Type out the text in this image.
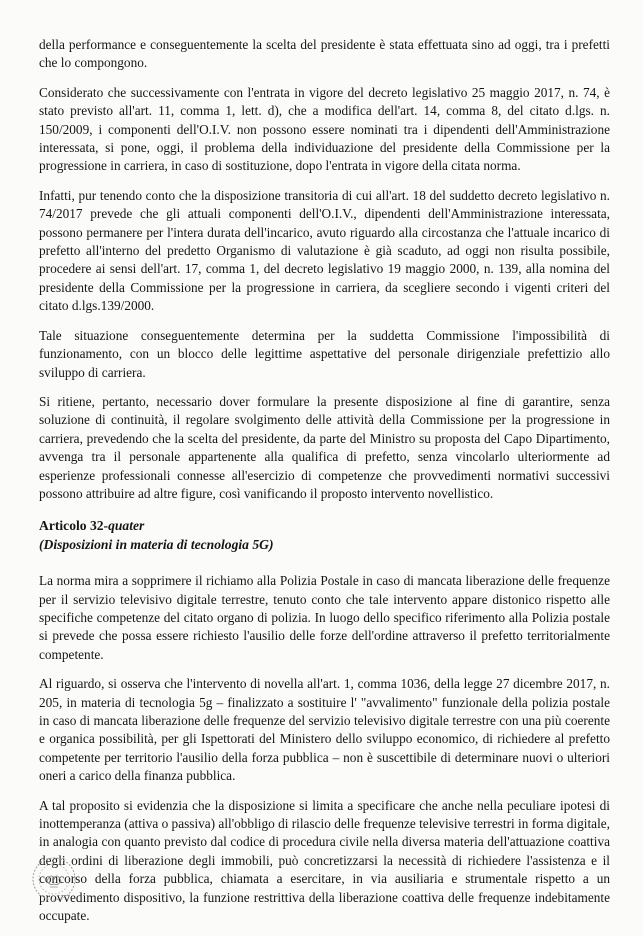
della performance e conseguentemente la scelta del presidente è stata effettuata sino ad oggi, tra i prefetti che lo compongono.

Considerato che successivamente con l'entrata in vigore del decreto legislativo 25 maggio 2017, n. 74, è stato previsto all'art. 11, comma 1, lett. d), che a modifica dell'art. 14, comma 8, del citato d.lgs. n. 150/2009, i componenti dell'O.I.V. non possono essere nominati tra i dipendenti dell'Amministrazione interessata, si pone, oggi, il problema della individuazione del presidente della Commissione per la progressione in carriera, in caso di sostituzione, dopo l'entrata in vigore della citata norma.

Infatti, pur tenendo conto che la disposizione transitoria di cui all'art. 18 del suddetto decreto legislativo n. 74/2017 prevede che gli attuali componenti dell'O.I.V., dipendenti dell'Amministrazione interessata, possono permanere per l'intera durata dell'incarico, avuto riguardo alla circostanza che l'attuale incarico di prefetto all'interno del predetto Organismo di valutazione è già scaduto, ad oggi non risulta possibile, procedere ai sensi dell'art. 17, comma 1, del decreto legislativo 19 maggio 2000, n. 139, alla nomina del presidente della Commissione per la progressione in carriera, da scegliere secondo i vigenti criteri del citato d.lgs.139/2000.

Tale situazione conseguentemente determina per la suddetta Commissione l'impossibilità di funzionamento, con un blocco delle legittime aspettative del personale dirigenziale prefettizio allo sviluppo di carriera.

Si ritiene, pertanto, necessario dover formulare la presente disposizione al fine di garantire, senza soluzione di continuità, il regolare svolgimento delle attività della Commissione per la progressione in carriera, prevedendo che la scelta del presidente, da parte del Ministro su proposta del Capo Dipartimento, avvenga tra il personale appartenente alla qualifica di prefetto, senza vincolarlo ulteriormente ad esperienze professionali connesse all'esercizio di competenze che provvedimenti normativi successivi possono attribuire ad altre figure, così vanificando il proposto intervento novellistico.

Articolo 32-quater
(Disposizioni in materia di tecnologia 5G)

La norma mira a sopprimere il richiamo alla Polizia Postale in caso di mancata liberazione delle frequenze per il servizio televisivo digitale terrestre, tenuto conto che tale intervento appare distonico rispetto alle specifiche competenze del citato organo di polizia. In luogo dello specifico riferimento alla Polizia postale si prevede che possa essere richiesto l'ausilio delle forze dell'ordine attraverso il prefetto territorialmente competente.

Al riguardo, si osserva che l'intervento di novella all'art. 1, comma 1036, della legge 27 dicembre 2017, n. 205, in materia di tecnologia 5g – finalizzato a sostituire l' "avvalimento" funzionale della polizia postale in caso di mancata liberazione delle frequenze del servizio televisivo digitale terrestre con una più coerente e organica possibilità, per gli Ispettorati del Ministero dello sviluppo economico, di richiedere al prefetto competente per territorio l'ausilio della forza pubblica – non è suscettibile di determinare nuovi o ulteriori oneri a carico della finanza pubblica.

A tal proposito si evidenzia che la disposizione si limita a specificare che anche nella peculiare ipotesi di inottemperanza (attiva o passiva) all'obbligo di rilascio delle frequenze televisive terrestri in forma digitale, in analogia con quanto previsto dal codice di procedura civile nella diversa materia dell'attuazione coattiva degli ordini di liberazione degli immobili, può concretizzarsi la necessità di richiedere l'assistenza e il concorso della forza pubblica, chiamata a esercitare, in via ausiliaria e strumentale rispetto a un provvedimento dispositivo, la funzione restrittiva della liberazione coattiva delle frequenze indebitamente occupate.
